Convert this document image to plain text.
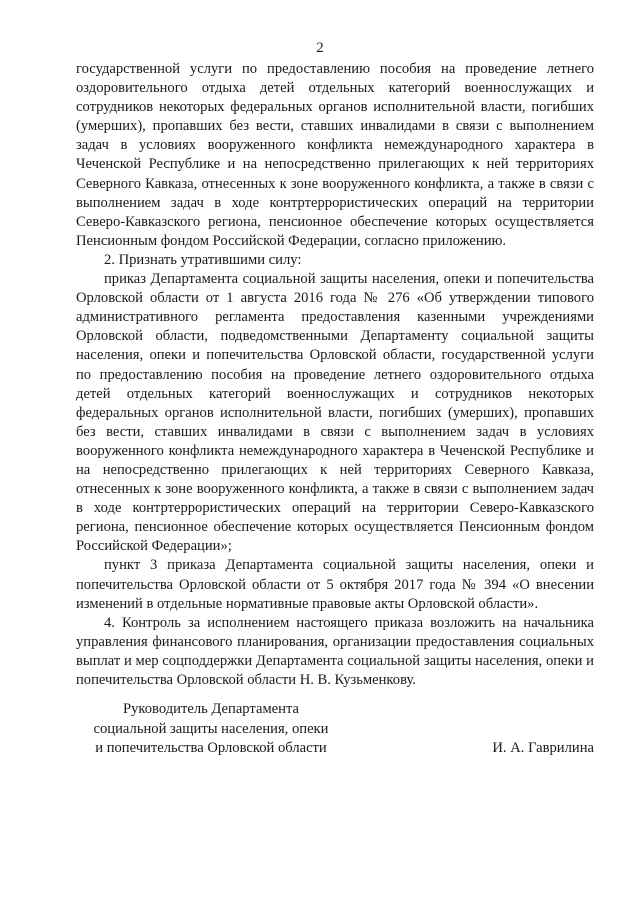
2

государственной услуги по предоставлению пособия на проведение летнего оздоровительного отдыха детей отдельных категорий военнослужащих и сотрудников некоторых федеральных органов исполнительной власти, погибших (умерших), пропавших без вести, ставших инвалидами в связи с выполнением задач в условиях вооруженного конфликта немеждународного характера в Чеченской Республике и на непосредственно прилегающих к ней территориях Северного Кавказа, отнесенных к зоне вооруженного конфликта, а также в связи с выполнением задач в ходе контртеррористических операций на территории Северо-Кавказского региона, пенсионное обеспечение которых осуществляется Пенсионным фондом Российской Федерации, согласно приложению.

2. Признать утратившими силу:

приказ Департамента социальной защиты населения, опеки и попечительства Орловской области от 1 августа 2016 года № 276 «Об утверждении типового административного регламента предоставления казенными учреждениями Орловской области, подведомственными Департаменту социальной защиты населения, опеки и попечительства Орловской области, государственной услуги по предоставлению пособия на проведение летнего оздоровительного отдыха детей отдельных категорий военнослужащих и сотрудников некоторых федеральных органов исполнительной власти, погибших (умерших), пропавших без вести, ставших инвалидами в связи с выполнением задач в условиях вооруженного конфликта немеждународного характера в Чеченской Республике и на непосредственно прилегающих к ней территориях Северного Кавказа, отнесенных к зоне вооруженного конфликта, а также в связи с выполнением задач в ходе контртеррористических операций на территории Северо-Кавказского региона, пенсионное обеспечение которых осуществляется Пенсионным фондом Российской Федерации»;

пункт 3 приказа Департамента социальной защиты населения, опеки и попечительства Орловской области от 5 октября 2017 года № 394 «О внесении изменений в отдельные нормативные правовые акты Орловской области».

4. Контроль за исполнением настоящего приказа возложить на начальника управления финансового планирования, организации предоставления социальных выплат и мер соцподдержки Департамента социальной защиты населения, опеки и попечительства Орловской области Н. В. Кузьменкову.

Руководитель Департамента
социальной защиты населения, опеки
и попечительства Орловской области	И. А. Гаврилина
